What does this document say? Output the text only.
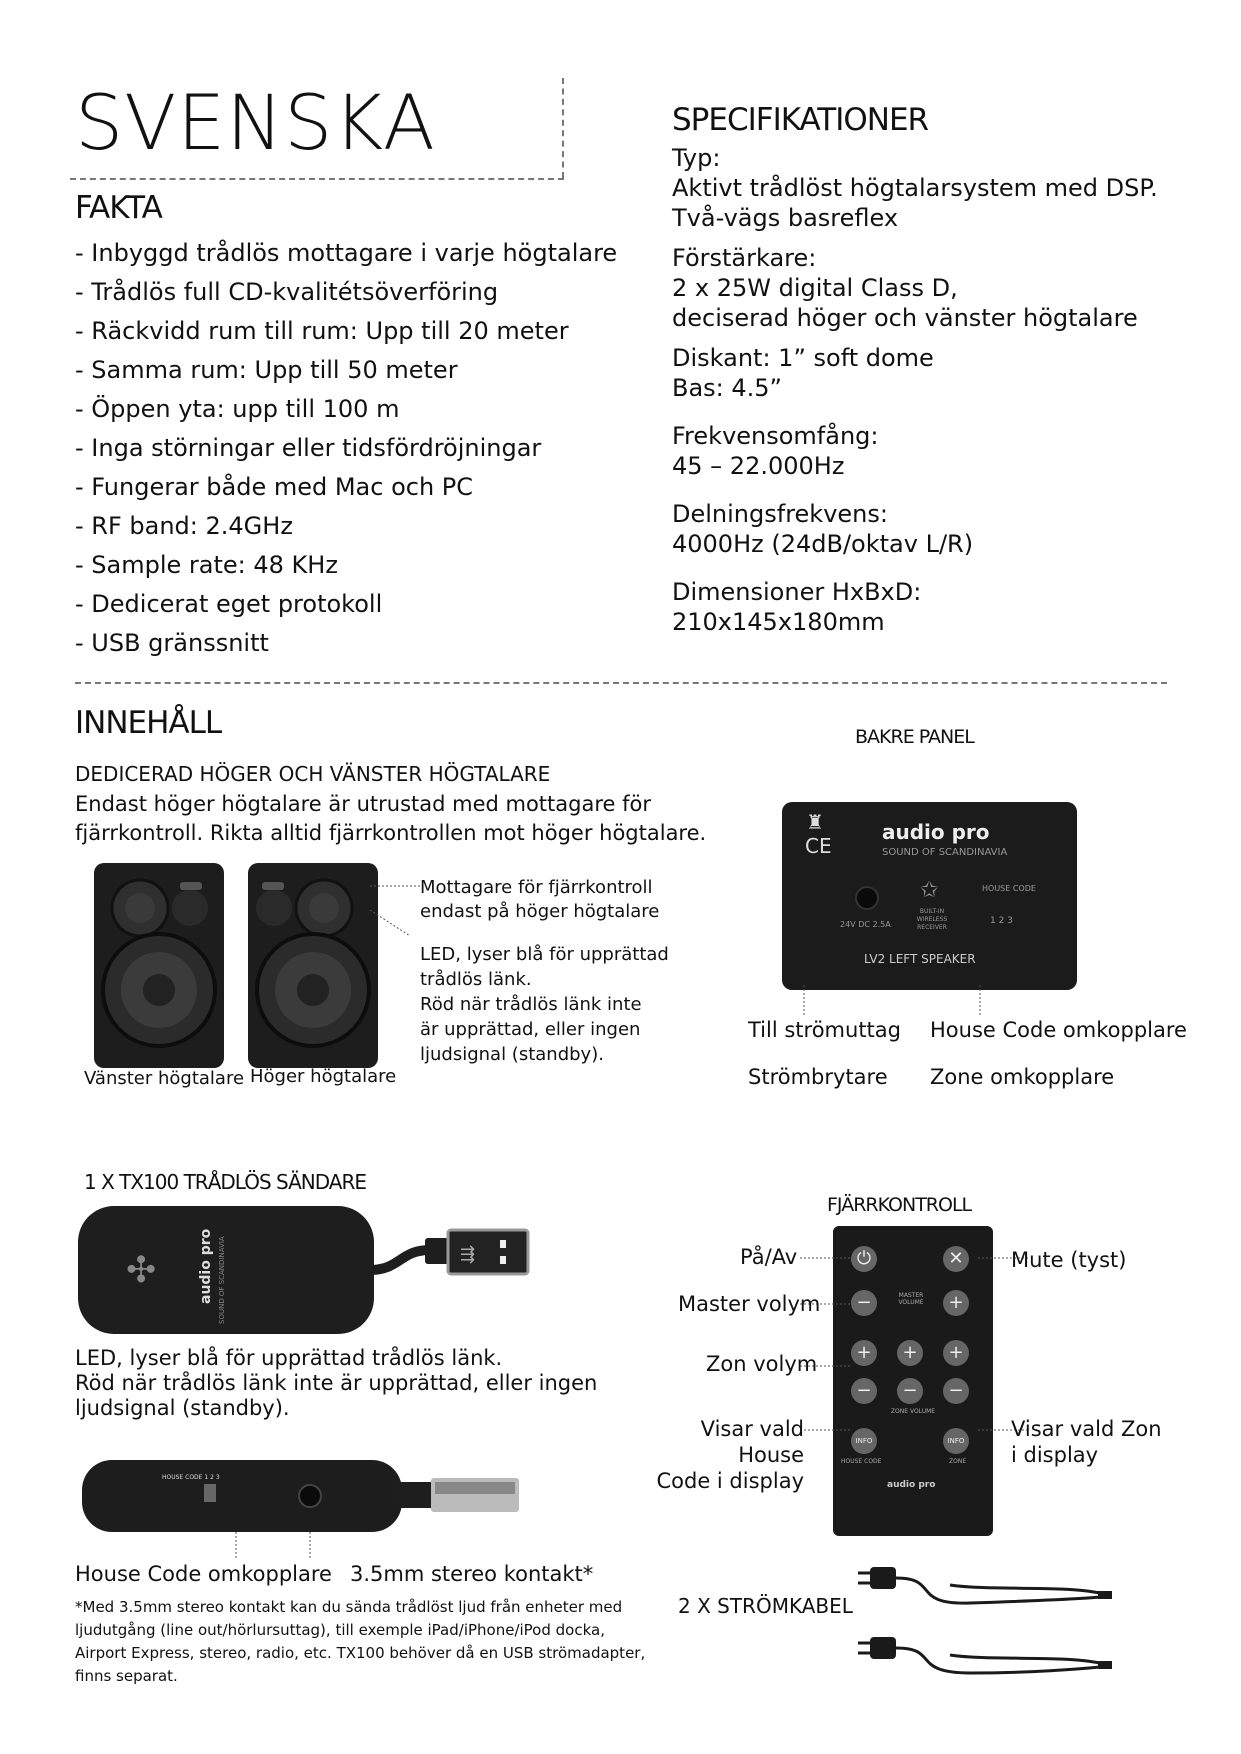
SVENSKA
FAKTA
- Inbyggd trådlös mottagare i varje högtalare
- Trådlös full CD-kvalitétsöverföring
- Räckvidd rum till rum: Upp till 20 meter
- Samma rum: Upp till 50 meter
- Öppen yta: upp till 100 m
- Inga störningar eller tidsfördröjningar
- Fungerar både med Mac och PC
- RF band: 2.4GHz
- Sample rate: 48 KHz
- Dedicerat eget protokoll
- USB gränssnitt
SPECIFIKATIONER
Typ:
Aktivt trådlöst högtalarsystem med DSP.
Två-vägs basreflex
Förstärkare:
2 x 25W digital Class D,
deciserad höger och vänster högtalare
Diskant: 1” soft dome
Bas: 4.5”
Frekvensomfång:
45 – 22.000Hz
Delningsfrekvens:
4000Hz (24dB/oktav L/R)
Dimensioner HxBxD:
210x145x180mm
INNEHÅLL
DEDICERAD HÖGER OCH VÄNSTER HÖGTALARE
Endast höger högtalare är utrustad med mottagare för
fjärrkontroll. Rikta alltid fjärrkontrollen mot höger högtalare.
Mottagare för fjärrkontroll
endast på höger högtalare
LED, lyser blå för upprättad
trådlös länk.
Röd när trådlös länk inte
är upprättad, eller ingen
ljudsignal (standby).
Vänster högtalare Höger högtalare
BAKRE PANEL
CE
♜	audio pro
SOUND OF SCANDINAVIA
24V DC 2.5A
✩
BUILT-IN WIRELESS RECEIVER
HOUSE CODE
1 2 3
LV2 LEFT SPEAKER
Till strömuttag
Strömbrytare
House Code omkopplare
Zone omkopplare
1 X TX100 TRÅDLÖS SÄNDARE
✣	audio pro SOUND OF SCANDINAVIA	⇶
LED, lyser blå för upprättad trådlös länk.
Röd när trådlös länk inte är upprättad, eller ingen
ljudsignal (standby).
HOUSE CODE 1 2 3
House Code omkopplare 3.5mm stereo kontakt*
*Med 3.5mm stereo kontakt kan du sända trådlöst ljud från enheter med
ljudutgång (line out/hörlursuttag), till exemple iPad/iPhone/iPod docka,
Airport Express, stereo, radio, etc. TX100 behöver då en USB strömadapter,
finns separat.
FJÄRRKONTROLL
⏻	✕
−	MASTER VOLUME	+
+	+	+
−	−	−
ZONE VOLUME
INFO	INFO
HOUSE CODE	ZONE
audio pro
På/Av	Mute (tyst)
Master volym
Zon volym
Visar vald House
Code i display
Visar vald Zon
i display
2 X STRÖMKABEL
